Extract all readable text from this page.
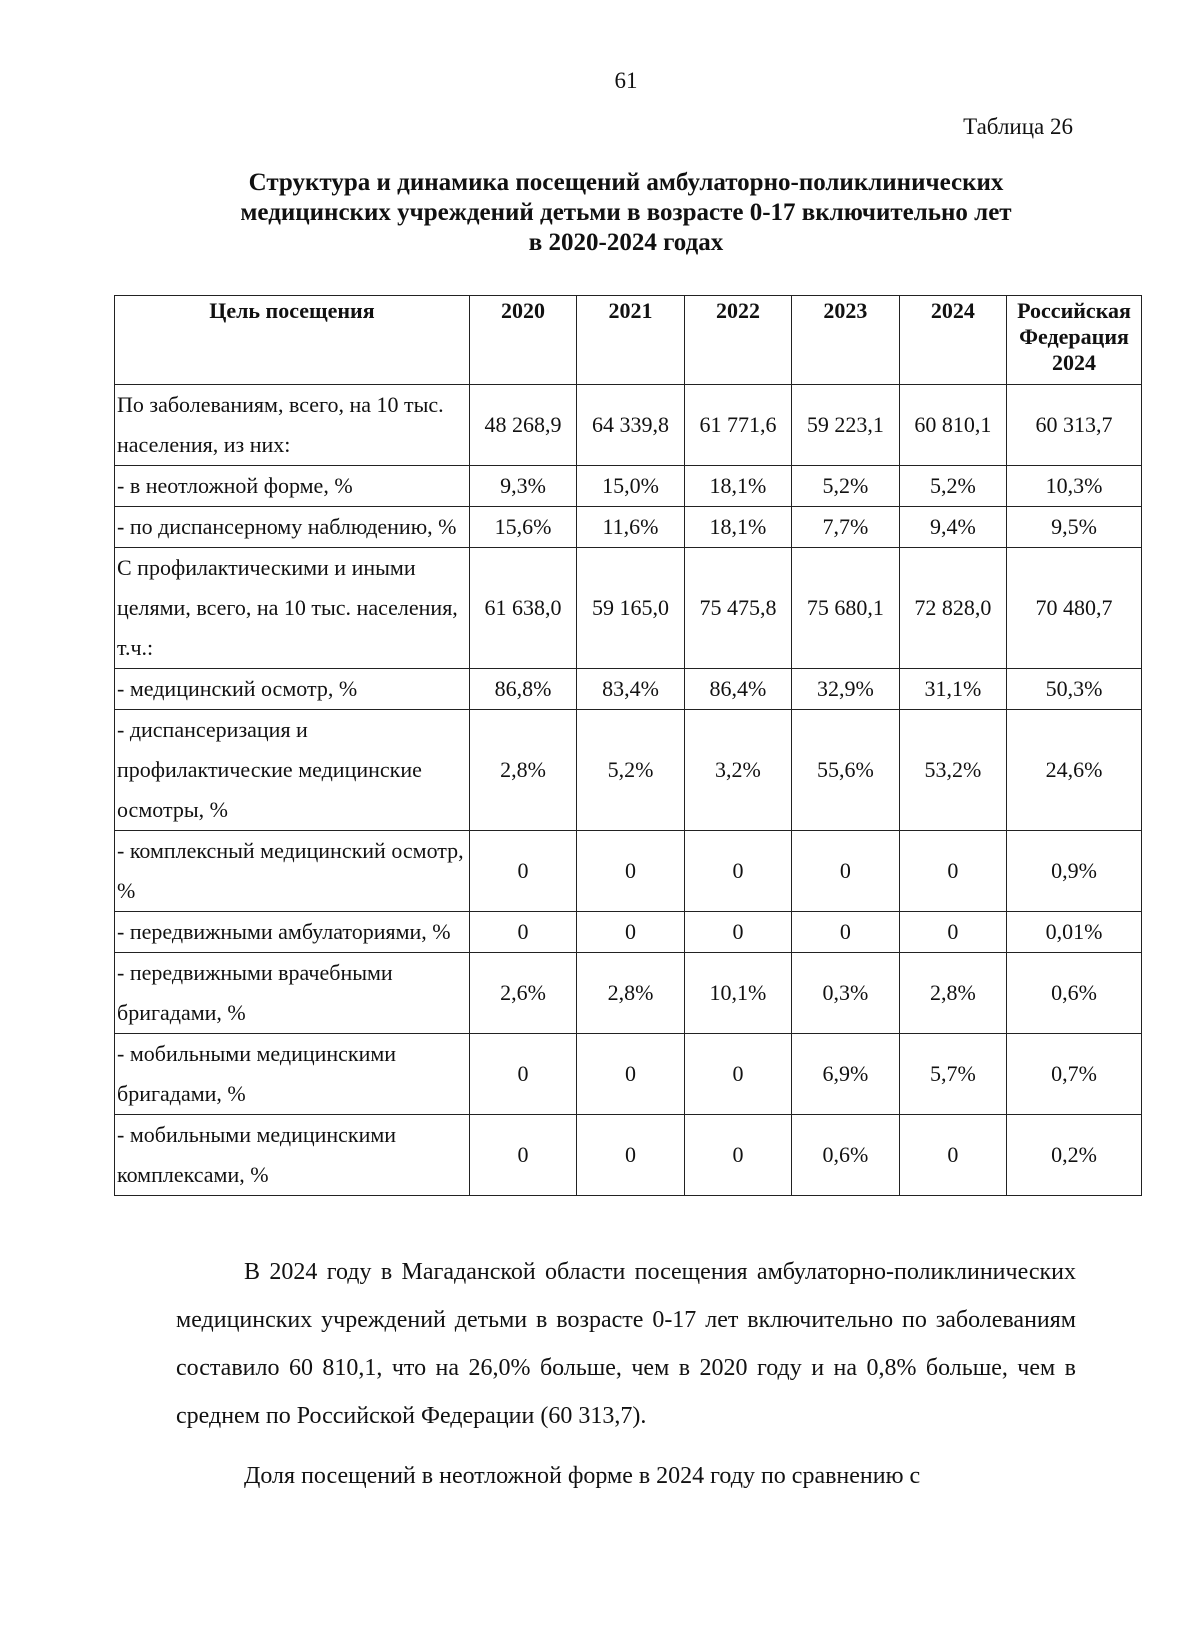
61
Таблица 26
Структура и динамика посещений амбулаторно-поликлинических
медицинских учреждений детьми в возрасте 0-17 включительно лет
в 2020-2024 годах
Цель посещения	2020	2021	2022	2023	2024	Российская Федерация 2024
По заболеваниям, всего, на 10 тыс. населения, из них:	48 268,9	64 339,8	61 771,6	59 223,1	60 810,1	60 313,7
- в неотложной форме, %	9,3%	15,0%	18,1%	5,2%	5,2%	10,3%
- по диспансерному наблюдению, %	15,6%	11,6%	18,1%	7,7%	9,4%	9,5%
С профилактическими и иными целями, всего, на 10 тыс. населения, т.ч.:	61 638,0	59 165,0	75 475,8	75 680,1	72 828,0	70 480,7
- медицинский осмотр, %	86,8%	83,4%	86,4%	32,9%	31,1%	50,3%
- диспансеризация и профилактические медицинские осмотры, %	2,8%	5,2%	3,2%	55,6%	53,2%	24,6%
- комплексный медицинский осмотр, %	0	0	0	0	0	0,9%
- передвижными амбулаториями, %	0	0	0	0	0	0,01%
- передвижными врачебными бригадами, %	2,6%	2,8%	10,1%	0,3%	2,8%	0,6%
- мобильными медицинскими бригадами, %	0	0	0	6,9%	5,7%	0,7%
- мобильными медицинскими комплексами, %	0	0	0	0,6%	0	0,2%

В 2024 году в Магаданской области посещения амбулаторно-поликлинических медицинских учреждений детьми в возрасте 0-17 лет включительно по заболеваниям составило 60 810,1, что на 26,0% больше, чем в 2020 году и на 0,8% больше, чем в среднем по Российской Федерации (60 313,7).

Доля посещений в неотложной форме в 2024 году по сравнению с
